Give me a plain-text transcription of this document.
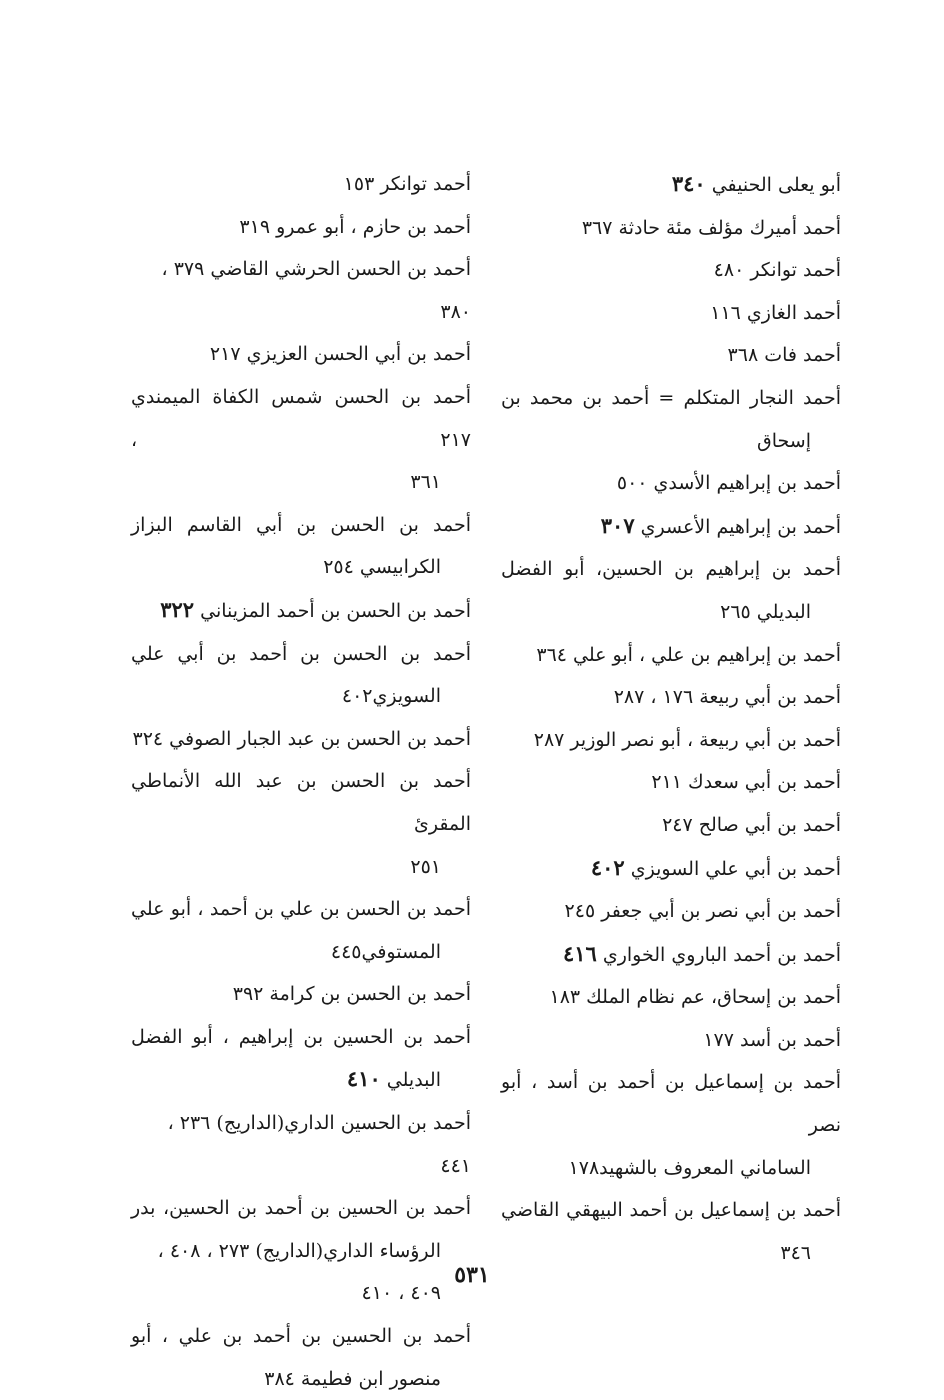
أبو يعلى الحنيفي ٣٤٠
أحمد أميرك مؤلف مئة حادثة ٣٦٧
أحمد توانكر ٤٨٠
أحمد الغازي ١١٦
أحمد فات ٣٦٨
أحمد النجار المتكلم = أحمد بن محمد بن
إسحاق
أحمد بن إبراهيم الأسدي ٥٠٠
أحمد بن إبراهيم الأعسري ٣٠٧
أحمد بن إبراهيم بن الحسين، أبو الفضل
البديلي ٢٦٥
أحمد بن إبراهيم بن علي ، أبو علي ٣٦٤
أحمد بن أبي ربيعة ١٧٦ ، ٢٨٧
أحمد بن أبي ربيعة ، أبو نصر الوزير ٢٨٧
أحمد بن أبي سعدك ٢١١
أحمد بن أبي صالح ٢٤٧
أحمد بن أبي علي السويزي ٤٠٢
أحمد بن أبي نصر بن أبي جعفر ٢٤٥
أحمد بن أحمد الباروي الخواري ٤١٦
أحمد بن إسحاق، عم نظام الملك ١٨٣
أحمد بن أسد ١٧٧
أحمد بن إسماعيل بن أحمد بن أسد ، أبو نصر
الساماني المعروف بالشهيد١٧٨
أحمد بن إسماعيل بن أحمد البيهقي القاضي
٣٤٦
أحمد توانكر ١٥٣
أحمد بن حازم ، أبو عمرو ٣١٩
أحمد بن الحسن الحرشي القاضي ٣٧٩ ، ٣٨٠
أحمد بن أبي الحسن العزيزي ٢١٧
أحمد بن الحسن شمس الكفاة الميمندي ٢١٧ ،
٣٦١
أحمد بن الحسن بن أبي القاسم البزاز
الكرابيسي ٢٥٤
أحمد بن الحسن بن أحمد المزيناني ٣٢٢
أحمد بن الحسن بن أحمد بن أبي علي
السويزي٤٠٢
أحمد بن الحسن بن عبد الجبار الصوفي ٣٢٤
أحمد بن الحسن بن عبد الله الأنماطي المقرئ
٢٥١
أحمد بن الحسن بن علي بن أحمد ، أبو علي
المستوفي٤٤٥
أحمد بن الحسن بن كرامة ٣٩٢
أحمد بن الحسين بن إبراهيم ، أبو الفضل
البديلي ٤١٠
أحمد بن الحسين الداري(الداريج) ٢٣٦ ، ٤٤١
أحمد بن الحسين بن أحمد بن الحسين، بدر
الرؤساء الداري(الداريج) ٢٧٣ ، ٤٠٨ ،
٤٠٩ ، ٤١٠
أحمد بن الحسين بن أحمد بن علي ، أبو
منصور ابن فطيمة ٣٨٤
٥٣١
